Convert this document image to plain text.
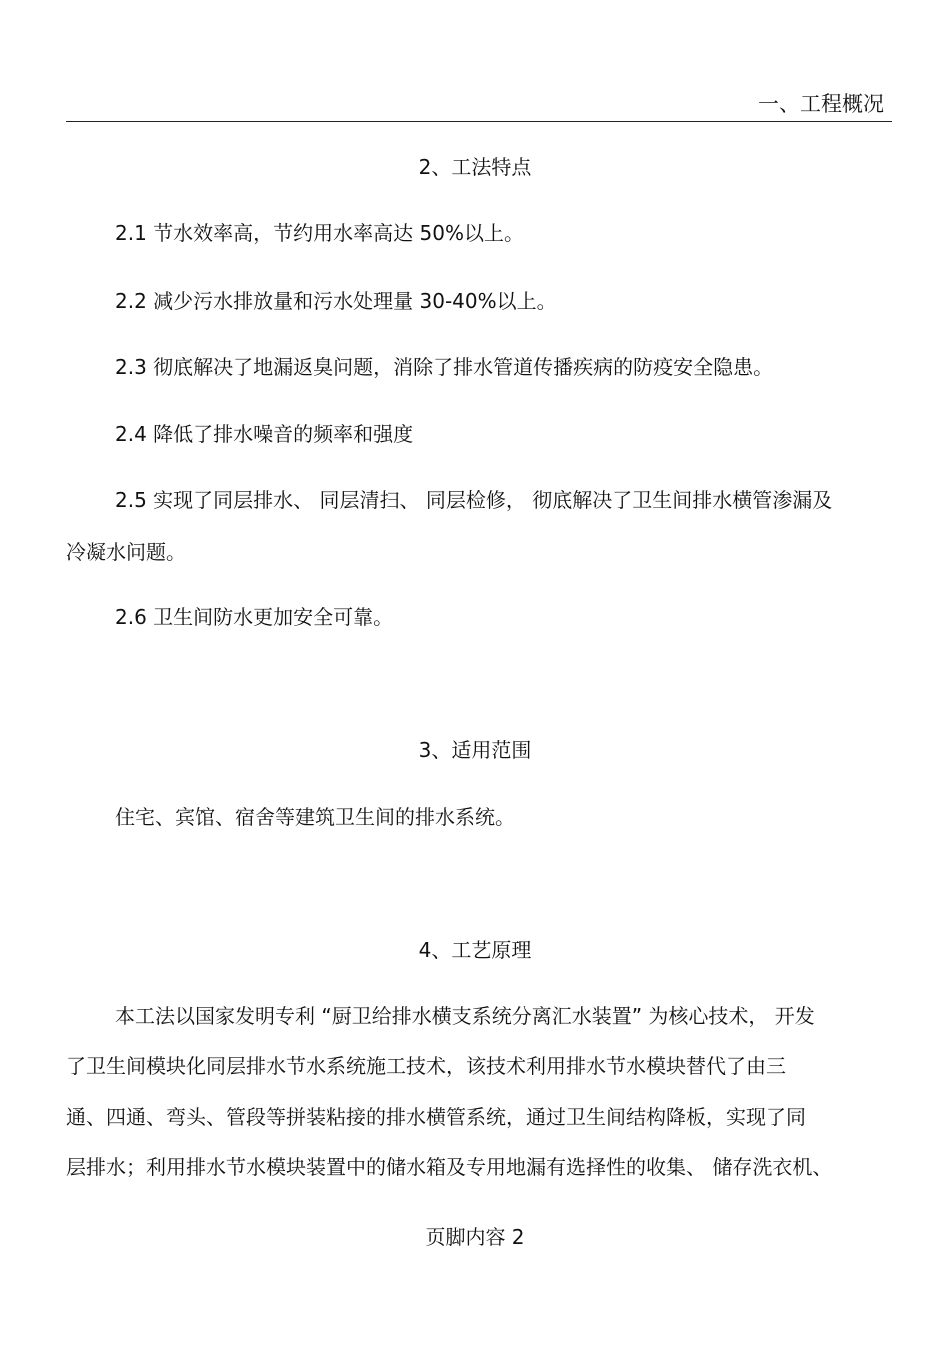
一、工程概况
2、工法特点
2.1 节水效率高，节约用水率高达 50%以上。
2.2 减少污水排放量和污水处理量 30-40%以上。
2.3 彻底解决了地漏返臭问题，消除了排水管道传播疾病的防疫安全隐患。
2.4 降低了排水噪音的频率和强度
2.5 实现了同层排水、 同层清扫、 同层检修， 彻底解决了卫生间排水横管渗漏及
冷凝水问题。
2.6 卫生间防水更加安全可靠。
3、适用范围
住宅、宾馆、宿舍等建筑卫生间的排水系统。
4、工艺原理
本工法以国家发明专利 “厨卫给排水横支系统分离汇水装置” 为核心技术， 开发
了卫生间模块化同层排水节水系统施工技术，该技术利用排水节水模块替代了由三
通、四通、弯头、管段等拼装粘接的排水横管系统，通过卫生间结构降板，实现了同
层排水；利用排水节水模块装置中的储水箱及专用地漏有选择性的收集、 储存洗衣机、
页脚内容 2
